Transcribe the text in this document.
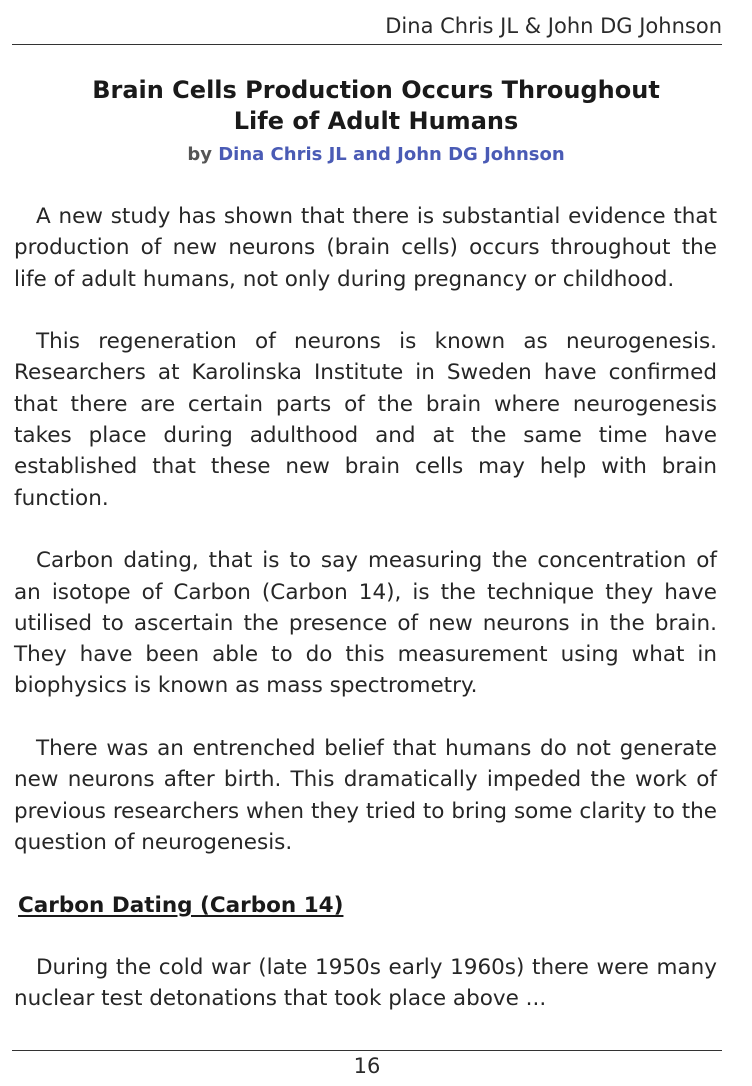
Dina Chris JL & John DG Johnson
Brain Cells Production Occurs Throughout
Life of Adult Humans
by Dina Chris JL and John DG Johnson

A new study has shown that there is substantial evidence that production of new neurons (brain cells) occurs throughout the life of adult humans, not only during pregnancy or childhood.

This regeneration of neurons is known as neurogenesis. Researchers at Karolinska Institute in Sweden have confirmed that there are certain parts of the brain where neurogenesis takes place during adulthood and at the same time have established that these new brain cells may help with brain function.

Carbon dating, that is to say measuring the concentration of an isotope of Carbon (Carbon 14), is the technique they have utilised to ascertain the presence of new neurons in the brain. They have been able to do this measurement using what in biophysics is known as mass spectrometry.

There was an entrenched belief that humans do not generate new neurons after birth. This dramatically impeded the work of previous researchers when they tried to bring some clarity to the question of neurogenesis.

Carbon Dating (Carbon 14)

During the cold war (late 1950s early 1960s) there were many nuclear test detonations that took place above ...

16
